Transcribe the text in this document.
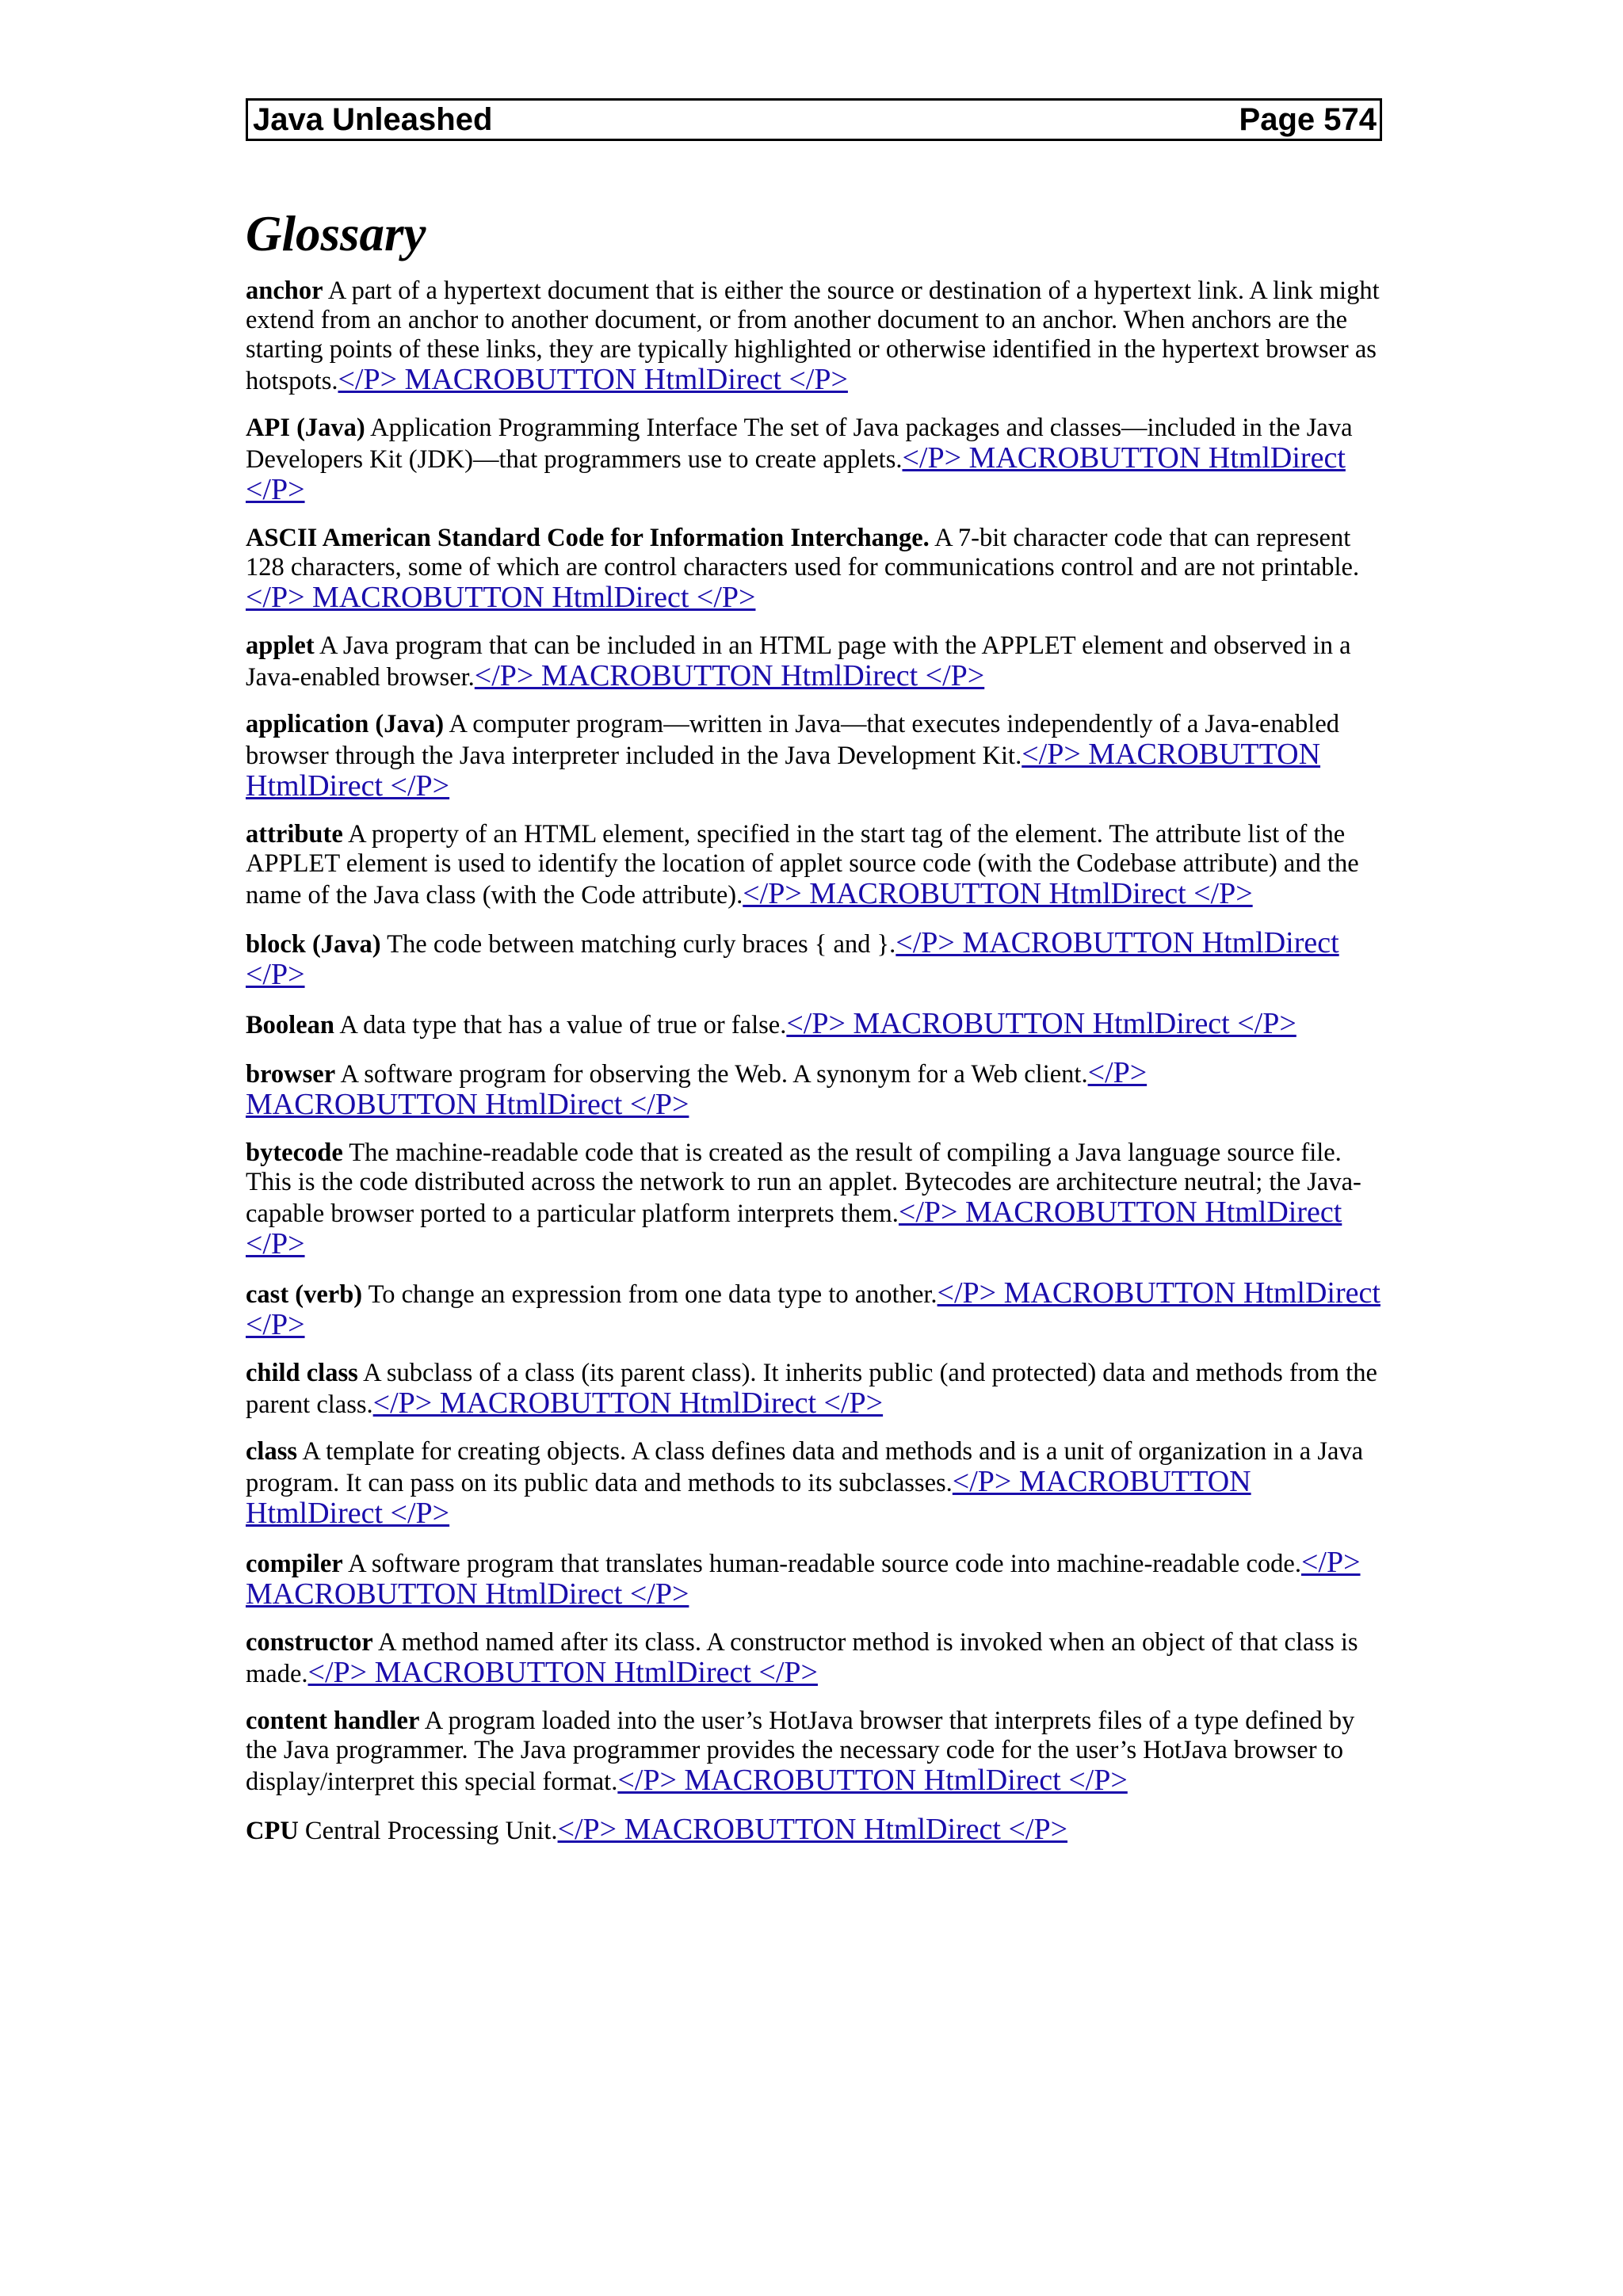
Java Unleashed	Page 574
Glossary

anchor A part of a hypertext document that is either the source or destination of a hypertext link. A link might extend from an anchor to another document, or from another document to an anchor. When anchors are the starting points of these links, they are typically highlighted or otherwise identified in the hypertext browser as hotspots.</P> MACROBUTTON HtmlDirect </P>

API (Java) Application Programming Interface The set of Java packages and classes—included in the Java Developers Kit (JDK)—that programmers use to create applets.</P> MACROBUTTON HtmlDirect </P>

ASCII American Standard Code for Information Interchange. A 7-bit character code that can represent 128 characters, some of which are control characters used for communications control and are not printable.</P> MACROBUTTON HtmlDirect </P>

applet A Java program that can be included in an HTML page with the APPLET element and observed in a Java-enabled browser.</P> MACROBUTTON HtmlDirect </P>

application (Java) A computer program—written in Java—that executes independently of a Java-enabled browser through the Java interpreter included in the Java Development Kit.</P> MACROBUTTON HtmlDirect </P>

attribute A property of an HTML element, specified in the start tag of the element. The attribute list of the APPLET element is used to identify the location of applet source code (with the Codebase attribute) and the name of the Java class (with the Code attribute).</P> MACROBUTTON HtmlDirect </P>

block (Java) The code between matching curly braces { and }.</P> MACROBUTTON HtmlDirect </P>

Boolean A data type that has a value of true or false.</P> MACROBUTTON HtmlDirect </P>

browser A software program for observing the Web. A synonym for a Web client.</P> MACROBUTTON HtmlDirect </P>

bytecode The machine-readable code that is created as the result of compiling a Java language source file. This is the code distributed across the network to run an applet. Bytecodes are architecture neutral; the Java-capable browser ported to a particular platform interprets them.</P> MACROBUTTON HtmlDirect </P>

cast (verb) To change an expression from one data type to another.</P> MACROBUTTON HtmlDirect </P>

child class A subclass of a class (its parent class). It inherits public (and protected) data and methods from the parent class.</P> MACROBUTTON HtmlDirect </P>

class A template for creating objects. A class defines data and methods and is a unit of organization in a Java program. It can pass on its public data and methods to its subclasses.</P> MACROBUTTON HtmlDirect </P>

compiler A software program that translates human-readable source code into machine-readable code.</P> MACROBUTTON HtmlDirect </P>

constructor A method named after its class. A constructor method is invoked when an object of that class is made.</P> MACROBUTTON HtmlDirect </P>

content handler A program loaded into the user’s HotJava browser that interprets files of a type defined by the Java programmer. The Java programmer provides the necessary code for the user’s HotJava browser to display/interpret this special format.</P> MACROBUTTON HtmlDirect </P>

CPU Central Processing Unit.</P> MACROBUTTON HtmlDirect </P>
